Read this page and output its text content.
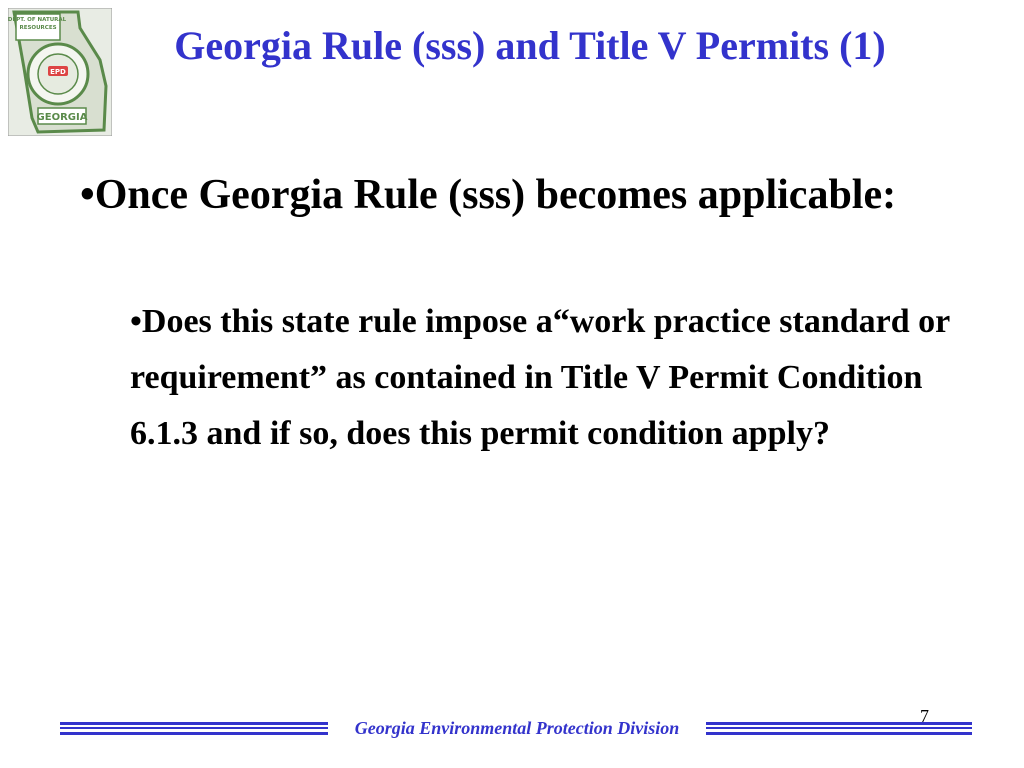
DEPT. OF NATURAL RESOURCES
EPD
GEORGIA
Georgia Rule (sss) and Title V Permits (1)
•Once Georgia Rule (sss) becomes applicable:
•Does this state rule impose a“work practice standard or requirement” as contained in Title V Permit Condition 6.1.3 and if so, does this permit condition apply?
Georgia Environmental Protection Division
7
